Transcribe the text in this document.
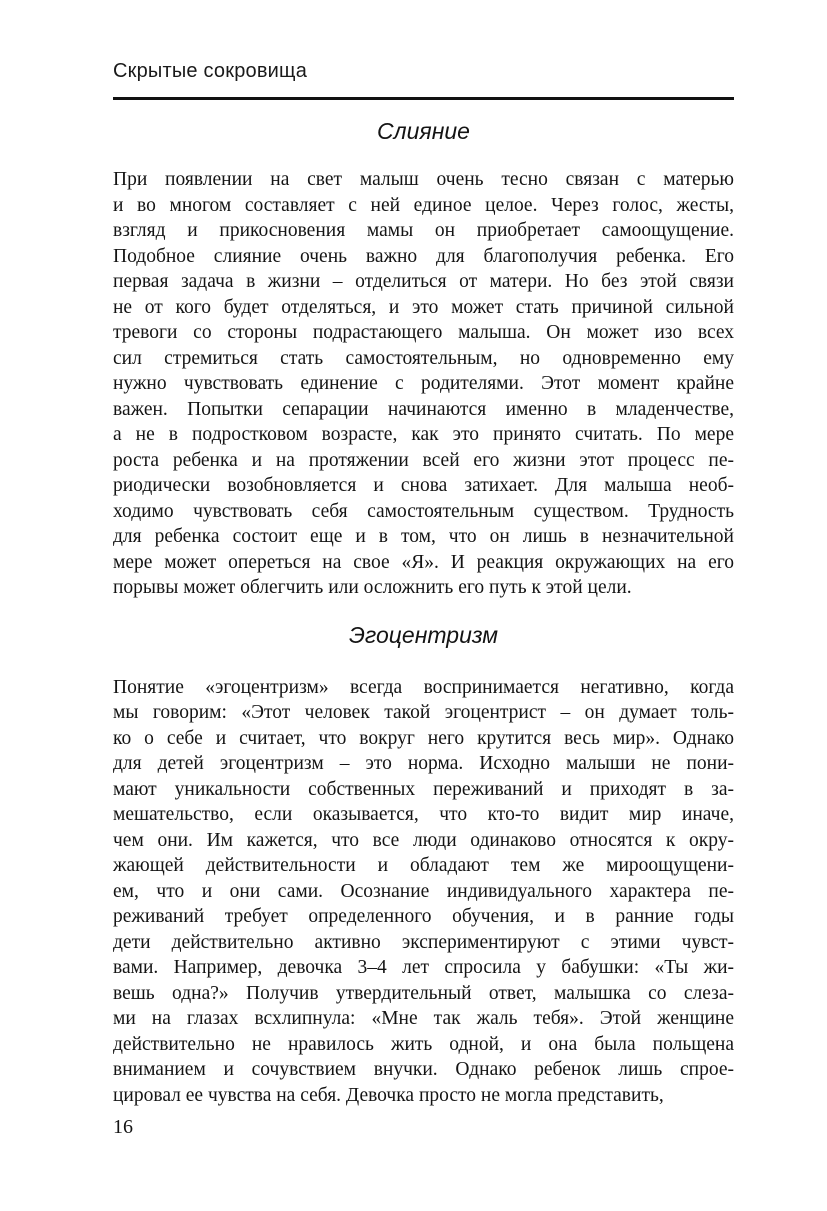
Скрытые сокровища
Слияние
При появлении на свет малыш очень тесно связан с матерью
и во многом составляет с ней единое целое. Через голос, жесты,
взгляд и прикосновения мамы он приобретает самоощущение.
Подобное слияние очень важно для благополучия ребенка. Его
первая задача в жизни – отделиться от матери. Но без этой связи
не от кого будет отделяться, и это может стать причиной сильной
тревоги со стороны подрастающего малыша. Он может изо всех
сил стремиться стать самостоятельным, но одновременно ему
нужно чувствовать единение с родителями. Этот момент крайне
важен. Попытки сепарации начинаются именно в младенчестве,
а не в подростковом возрасте, как это принято считать. По мере
роста ребенка и на протяжении всей его жизни этот процесс пе-
риодически возобновляется и снова затихает. Для малыша необ-
ходимо чувствовать себя самостоятельным существом. Трудность
для ребенка состоит еще и в том, что он лишь в незначительной
мере может опереться на свое «Я». И реакция окружающих на его
порывы может облегчить или осложнить его путь к этой цели.
Эгоцентризм
Понятие «эгоцентризм» всегда воспринимается негативно, когда
мы говорим: «Этот человек такой эгоцентрист – он думает толь-
ко о себе и считает, что вокруг него крутится весь мир». Однако
для детей эгоцентризм – это норма. Исходно малыши не пони-
мают уникальности собственных переживаний и приходят в за-
мешательство, если оказывается, что кто-то видит мир иначе,
чем они. Им кажется, что все люди одинаково относятся к окру-
жающей действительности и обладают тем же мироощущени-
ем, что и они сами. Осознание индивидуального характера пе-
реживаний требует определенного обучения, и в ранние годы
дети действительно активно экспериментируют с этими чувст-
вами. Например, девочка 3–4 лет спросила у бабушки: «Ты жи-
вешь одна?» Получив утвердительный ответ, малышка со слеза-
ми на глазах всхлипнула: «Мне так жаль тебя». Этой женщине
действительно не нравилось жить одной, и она была польщена
вниманием и сочувствием внучки. Однако ребенок лишь спрое-
цировал ее чувства на себя. Девочка просто не могла представить,
16
